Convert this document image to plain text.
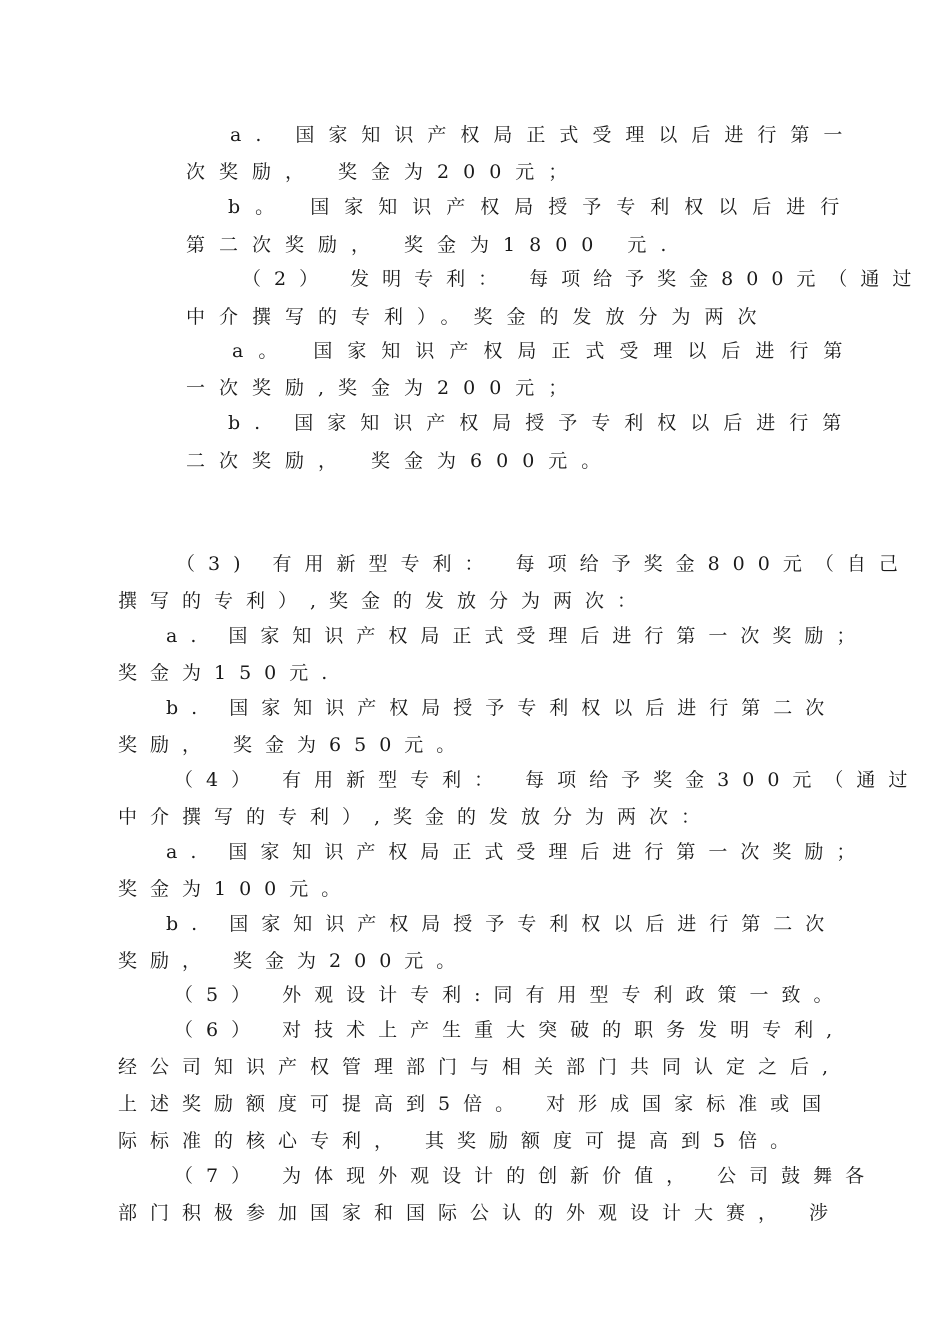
a. 国家知识产权局正式受理以后进行第一
次奖励， 奖金为200元；
b。 国家知识产权局授予专利权以后进行
第二次奖励， 奖金为1800 元.
（2） 发明专利： 每项给予奖金800元（通过
中介撰写的专利）。奖金的发放分为两次
a。 国家知识产权局正式受理以后进行第
一次奖励,奖金为200元；
b. 国家知识产权局授予专利权以后进行第
二次奖励， 奖金为600元。
（3) 有用新型专利： 每项给予奖金800元（自己
撰写的专利）,奖金的发放分为两次：
a. 国家知识产权局正式受理后进行第一次奖励；
奖金为150元.
b. 国家知识产权局授予专利权以后进行第二次
奖励， 奖金为650元。
（4） 有用新型专利： 每项给予奖金300元（通过
中介撰写的专利）,奖金的发放分为两次：
a. 国家知识产权局正式受理后进行第一次奖励；
奖金为100元。
b. 国家知识产权局授予专利权以后进行第二次
奖励， 奖金为200元。
（5） 外观设计专利:同有用型专利政策一致。
（6） 对技术上产生重大突破的职务发明专利,
经公司知识产权管理部门与相关部门共同认定之后,
上述奖励额度可提高到5倍。 对形成国家标准或国
际标准的核心专利， 其奖励额度可提高到5倍。
（7） 为体现外观设计的创新价值， 公司鼓舞各
部门积极参加国家和国际公认的外观设计大赛， 涉
